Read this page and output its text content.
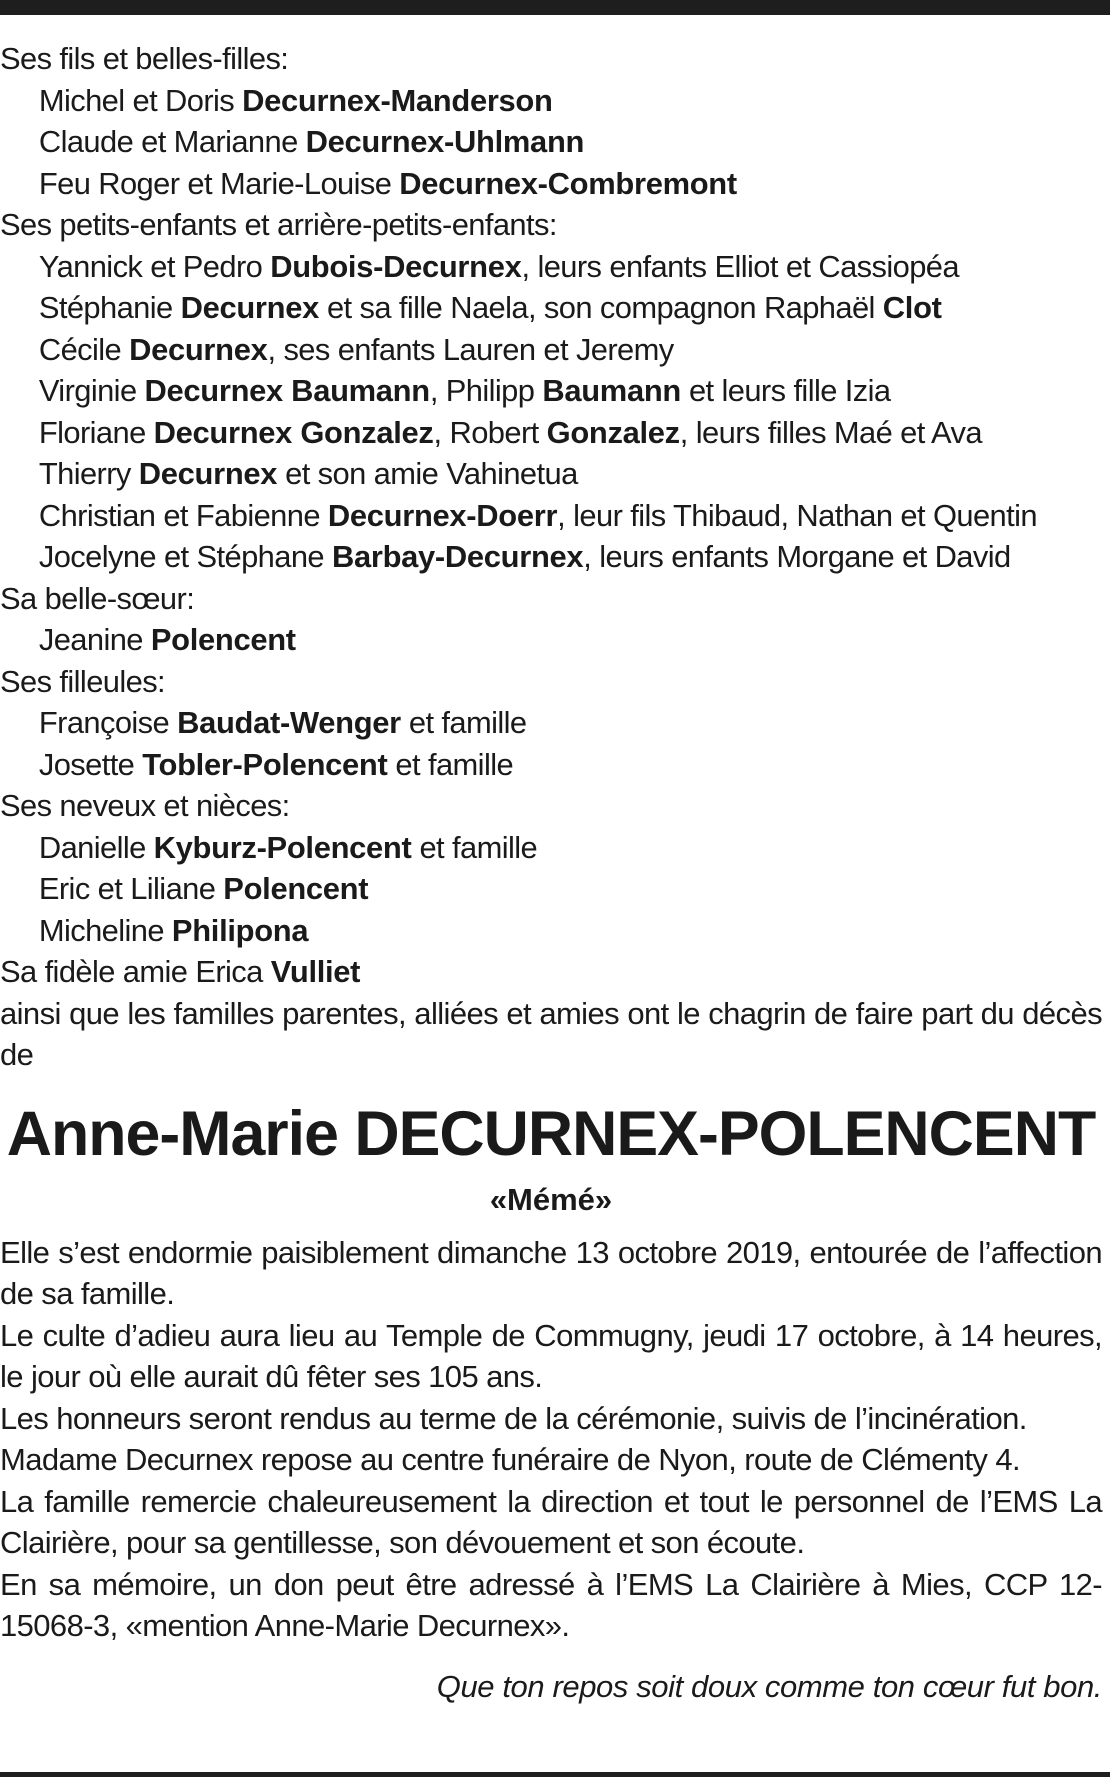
Ses fils et belles-filles:
Michel et Doris Decurnex-Manderson
Claude et Marianne Decurnex-Uhlmann
Feu Roger et Marie-Louise Decurnex-Combremont
Ses petits-enfants et arrière-petits-enfants:
Yannick et Pedro Dubois-Decurnex, leurs enfants Elliot et Cassiopéa
Stéphanie Decurnex et sa fille Naela, son compagnon Raphaël Clot
Cécile Decurnex, ses enfants Lauren et Jeremy
Virginie Decurnex Baumann, Philipp Baumann et leurs fille Izia
Floriane Decurnex Gonzalez, Robert Gonzalez, leurs filles Maé et Ava
Thierry Decurnex et son amie Vahinetua
Christian et Fabienne Decurnex-Doerr, leur fils Thibaud, Nathan et Quentin
Jocelyne et Stéphane Barbay-Decurnex, leurs enfants Morgane et David
Sa belle-sœur:
Jeanine Polencent
Ses filleules:
Françoise Baudat-Wenger et famille
Josette Tobler-Polencent et famille
Ses neveux et nièces:
Danielle Kyburz-Polencent et famille
Eric et Liliane Polencent
Micheline Philipona
Sa fidèle amie Erica Vulliet

ainsi que les familles parentes, alliées et amies ont le chagrin de faire part du décès de

Anne-Marie DECURNEX-POLENCENT
«Mémé»

Elle s’est endormie paisiblement dimanche 13 octobre 2019, entourée de l’affection de sa famille.

Le culte d’adieu aura lieu au Temple de Commugny, jeudi 17 octobre, à 14 heures, le jour où elle aurait dû fêter ses 105 ans.

Les honneurs seront rendus au terme de la cérémonie, suivis de l’incinération.

Madame Decurnex repose au centre funéraire de Nyon, route de Clémenty 4.

La famille remercie chaleureusement la direction et tout le personnel de l’EMS La Clairière, pour sa gentillesse, son dévouement et son écoute.

En sa mémoire, un don peut être adressé à l’EMS La Clairière à Mies, CCP 12-15068-3, «mention Anne-Marie Decurnex».

Que ton repos soit doux comme ton cœur fut bon.
